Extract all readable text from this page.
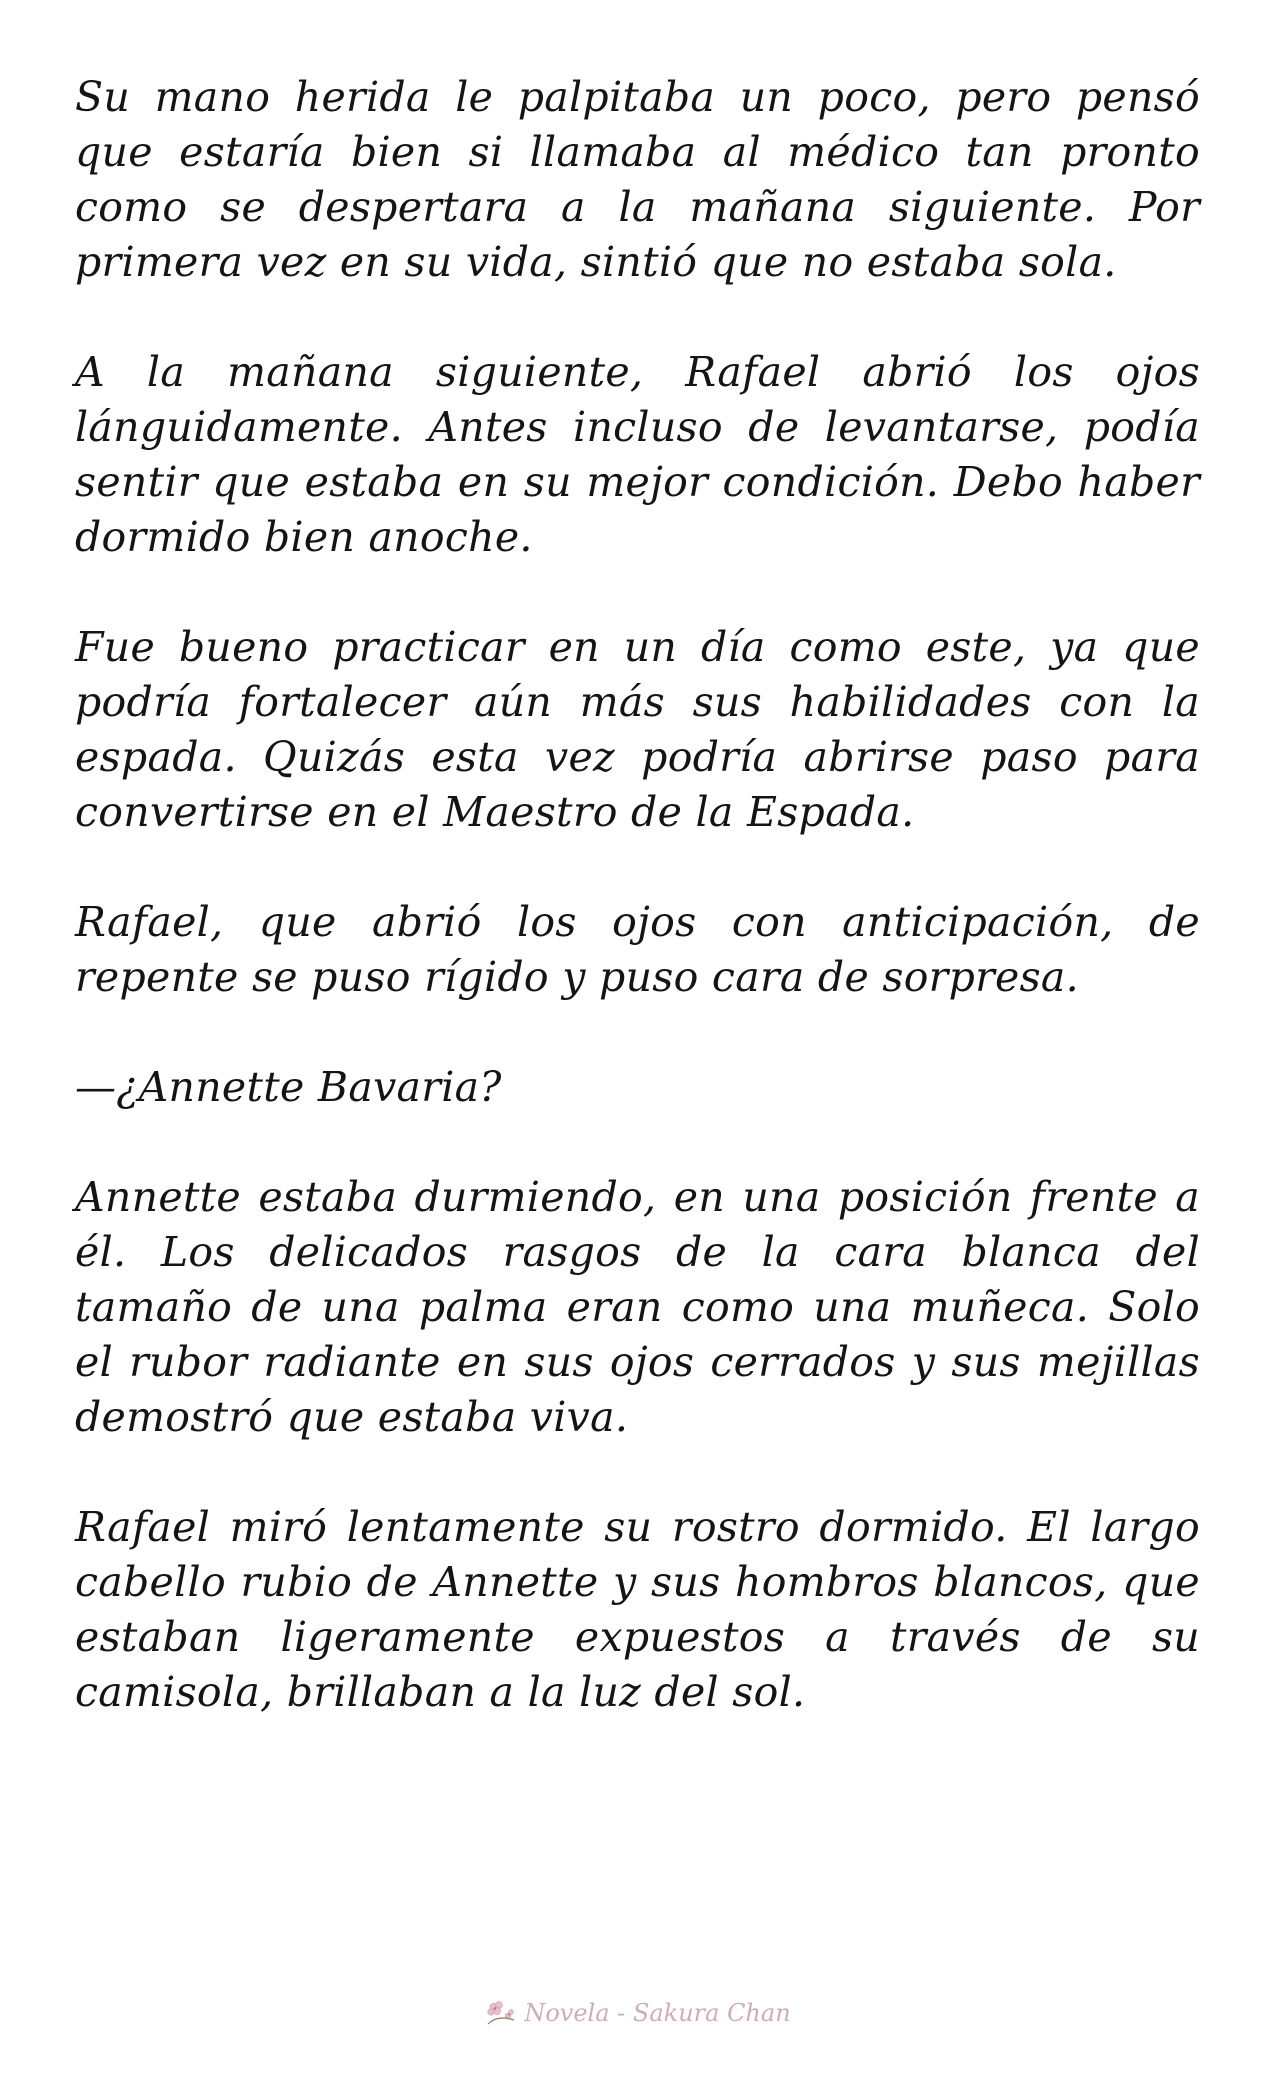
Su mano herida le palpitaba un poco, pero pensó que estaría bien si llamaba al médico tan pronto como se despertara a la mañana siguiente. Por primera vez en su vida, sintió que no estaba sola.

A la mañana siguiente, Rafael abrió los ojos lánguidamente. Antes incluso de levantarse, podía sentir que estaba en su mejor condición. Debo haber dormido bien anoche.

Fue bueno practicar en un día como este, ya que podría fortalecer aún más sus habilidades con la espada. Quizás esta vez podría abrirse paso para convertirse en el Maestro de la Espada.

Rafael, que abrió los ojos con anticipación, de repente se puso rígido y puso cara de sorpresa.

—¿Annette Bavaria?

Annette estaba durmiendo, en una posición frente a él. Los delicados rasgos de la cara blanca del tamaño de una palma eran como una muñeca. Solo el rubor radiante en sus ojos cerrados y sus mejillas demostró que estaba viva.

Rafael miró lentamente su rostro dormido. El largo cabello rubio de Annette y sus hombros blancos, que estaban ligeramente expuestos a través de su camisola, brillaban a la luz del sol.

Novela - Sakura Chan
